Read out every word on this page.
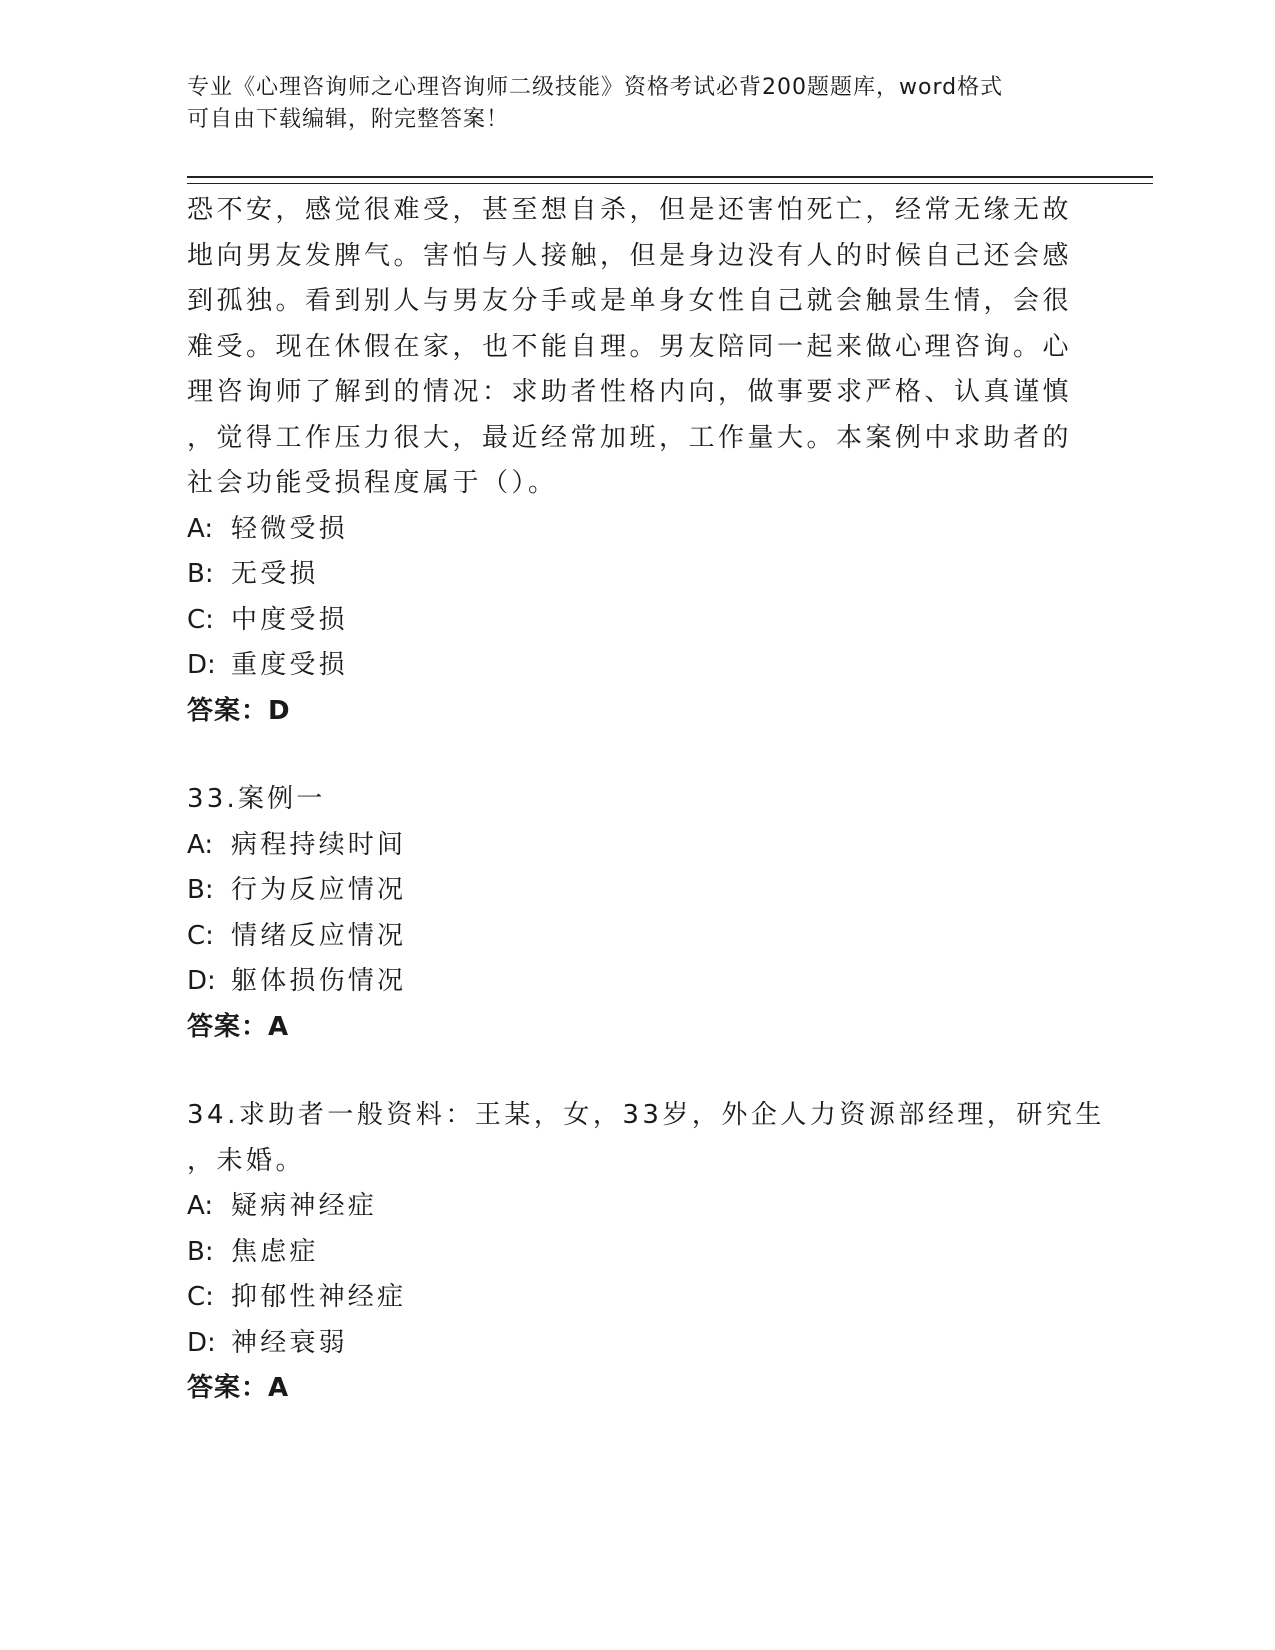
专业《心理咨询师之心理咨询师二级技能》资格考试必背200题题库，word格式
可自由下载编辑，附完整答案！
恐不安，感觉很难受，甚至想自杀，但是还害怕死亡，经常无缘无故
地向男友发脾气。害怕与人接触，但是身边没有人的时候自己还会感
到孤独。看到别人与男友分手或是单身女性自己就会触景生情，会很
难受。现在休假在家，也不能自理。男友陪同一起来做心理咨询。心
理咨询师了解到的情况：求助者性格内向，做事要求严格、认真谨慎
，觉得工作压力很大，最近经常加班，工作量大。本案例中求助者的
社会功能受损程度属于（）。
A: 轻微受损
B: 无受损
C: 中度受损
D: 重度受损
答案：D
33.案例一
A: 病程持续时间
B: 行为反应情况
C: 情绪反应情况
D: 躯体损伤情况
答案：A
34.求助者一般资料：王某，女，33岁，外企人力资源部经理，研究生
，未婚。
A: 疑病神经症
B: 焦虑症
C: 抑郁性神经症
D: 神经衰弱
答案：A
